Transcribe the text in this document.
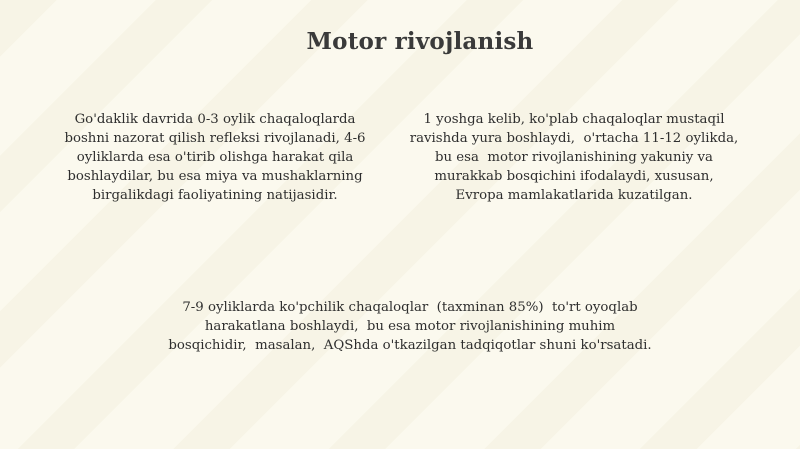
Motor rivojlanish
Go'daklik davrida 0-3 oylik chaqaloqlarda
boshni nazorat qilish refleksi rivojlanadi, 4-6
oyliklarda esa o'tirib olishga harakat qila
boshlaydilar, bu esa miya va mushaklarning
birgalikdagi faoliyatining natijasidir.
1 yoshga kelib, ko'plab chaqaloqlar mustaqil
ravishda yura boshlaydi,  o'rtacha 11-12 oylikda,
bu esa  motor rivojlanishining yakuniy va
murakkab bosqichini ifodalaydi, xususan,
Evropa mamlakatlarida kuzatilgan.
7-9 oyliklarda ko'pchilik chaqaloqlar  (taxminan 85%)  to'rt oyoqlab
harakatlana boshlaydi,  bu esa motor rivojlanishining muhim
bosqichidir,  masalan,  AQShda o'tkazilgan tadqiqotlar shuni ko'rsatadi.
